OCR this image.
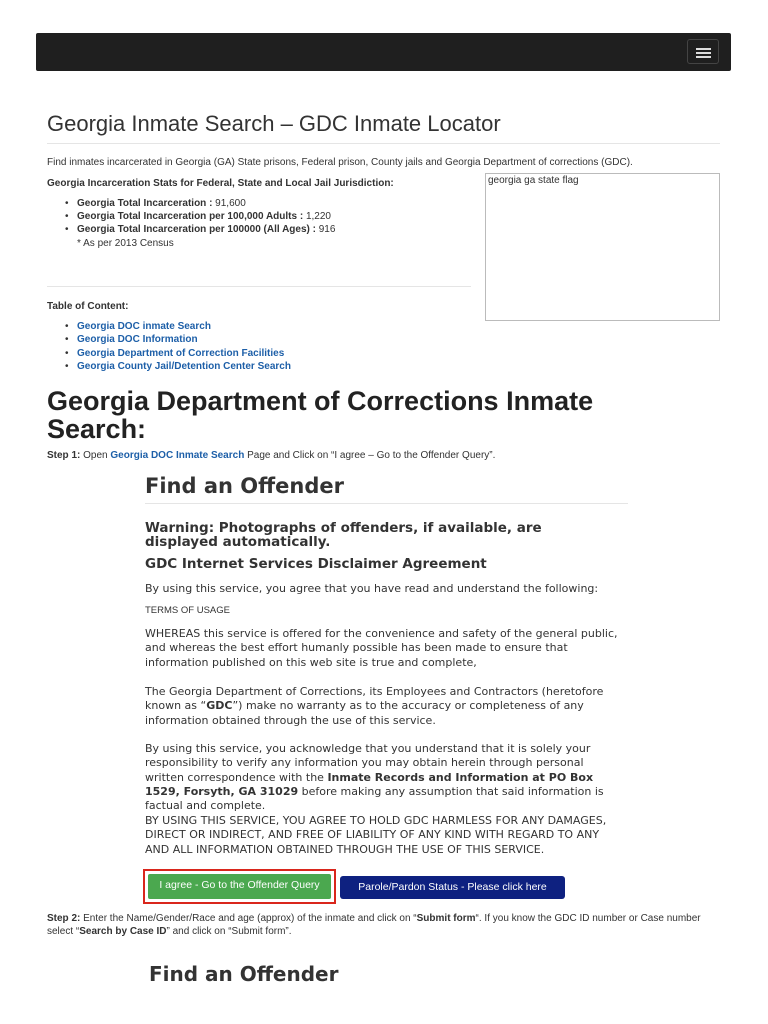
Georgia Inmate Search – GDC Inmate Locator

Find inmates incarcerated in Georgia (GA) State prisons, Federal prison, County jails and Georgia Department of corrections (GDC).

Georgia Incarceration Stats for Federal, State and Local Jail Jurisdiction:

• Georgia Total Incarceration : 91,600
• Georgia Total Incarceration per 100,000 Adults : 1,220
• Georgia Total Incarceration per 100000 (All Ages) : 916
* As per 2013 Census
georgia ga state flag

Table of Content:

• Georgia DOC inmate Search
• Georgia DOC Information
• Georgia Department of Correction Facilities
• Georgia County Jail/Detention Center Search
Georgia Department of Corrections Inmate Search:

Step 1: Open Georgia DOC Inmate Search Page and Click on “I agree – Go to the Offender Query”.

Find an Offender

Warning: Photographs of offenders, if available, are displayed automatically.

GDC Internet Services Disclaimer Agreement

By using this service, you agree that you have read and understand the following:

TERMS OF USAGE

WHEREAS this service is offered for the convenience and safety of the general public, and whereas the best effort humanly possible has been made to ensure that information published on this web site is true and complete,

The Georgia Department of Corrections, its Employees and Contractors (heretofore known as “GDC”) make no warranty as to the accuracy or completeness of any information obtained through the use of this service.

By using this service, you acknowledge that you understand that it is solely your responsibility to verify any information you may obtain herein through personal written correspondence with the Inmate Records and Information at PO Box 1529, Forsyth, GA 31029 before making any assumption that said information is factual and complete.

BY USING THIS SERVICE, YOU AGREE TO HOLD GDC HARMLESS FOR ANY DAMAGES, DIRECT OR INDIRECT, AND FREE OF LIABILITY OF ANY KIND WITH REGARD TO ANY AND ALL INFORMATION OBTAINED THROUGH THE USE OF THIS SERVICE.

I agree - Go to the Offender Query	Parole/Pardon Status - Please click here

Step 2: Enter the Name/Gender/Race and age (approx) of the inmate and click on “Submit form“. If you know the GDC ID number or Case number select “Search by Case ID” and click on “Submit form”.

Find an Offender
